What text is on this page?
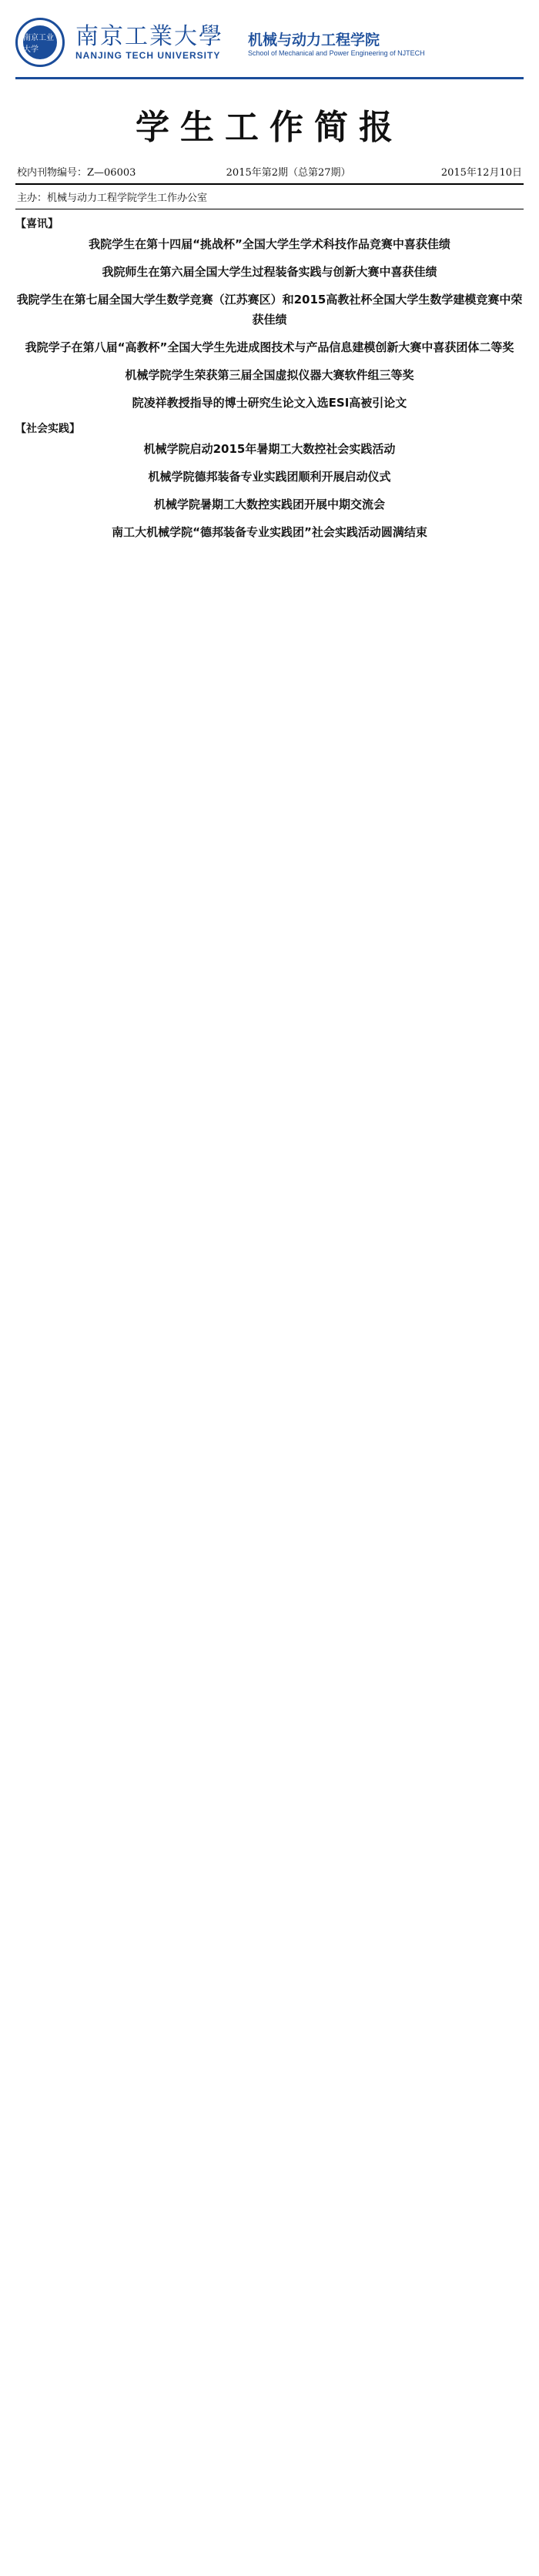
南京工业大学	南京工業大學
NANJING TECH UNIVERSITY
机械与动力工程学院
School of Mechanical and Power Engineering of NJTECH
学生工作简报
校内刊物编号：Z—06003	2015年第2期（总第27期）	2015年12月10日
主办：机械与动力工程学院学生工作办公室
【喜讯】
我院学生在第十四届“挑战杯”全国大学生学术科技作品竞赛中喜获佳绩

我院师生在第六届全国大学生过程装备实践与创新大赛中喜获佳绩

我院学生在第七届全国大学生数学竞赛（江苏赛区）和2015高教社杯全国大学生数学建模竞赛中荣获佳绩

我院学子在第八届“高教杯”全国大学生先进成图技术与产品信息建模创新大赛中喜获团体二等奖

机械学院学生荣获第三届全国虚拟仪器大赛软件组三等奖

院凌祥教授指导的博士研究生论文入选ESI高被引论文

【社会实践】
机械学院启动2015年暑期工大数控社会实践活动

机械学院德邦装备专业实践团顺利开展启动仪式

机械学院暑期工大数控实践团开展中期交流会

南工大机械学院“德邦装备专业实践团”社会实践活动圆满结束
